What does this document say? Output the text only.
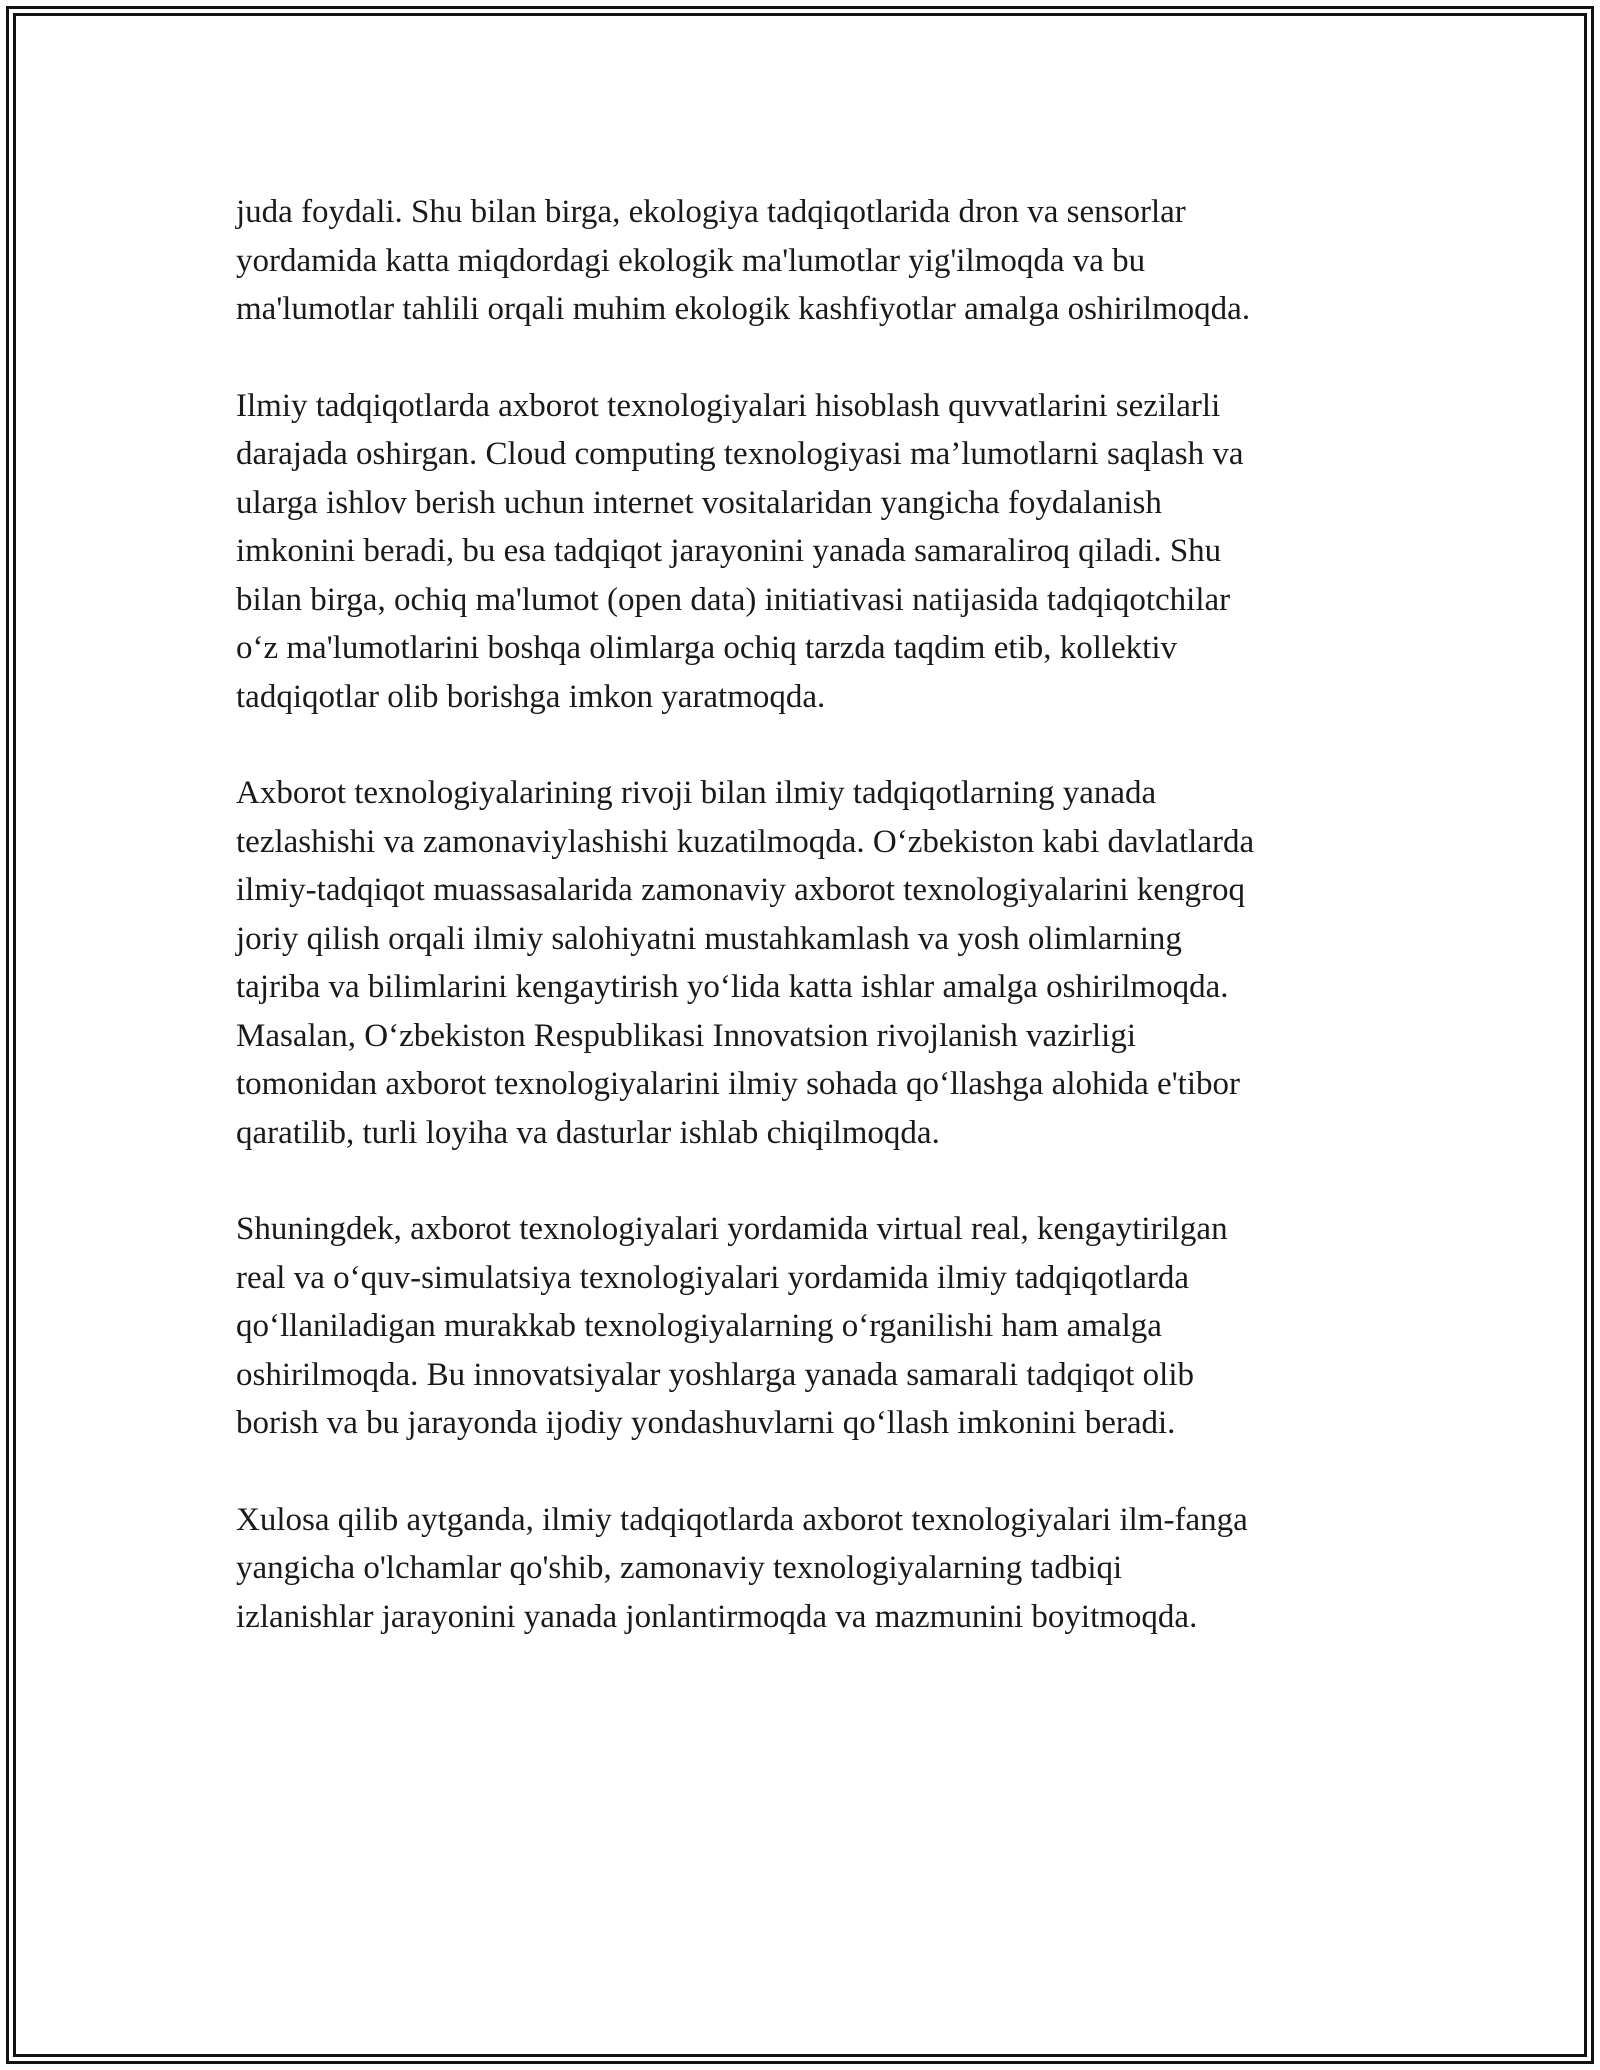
juda foydali. Shu bilan birga, ekologiya tadqiqotlarida dron va sensorlar
yordamida katta miqdordagi ekologik ma'lumotlar yig'ilmoqda va bu
ma'lumotlar tahlili orqali muhim ekologik kashfiyotlar amalga oshirilmoqda.

Ilmiy tadqiqotlarda axborot texnologiyalari hisoblash quvvatlarini sezilarli
darajada oshirgan. Cloud computing texnologiyasi ma’lumotlarni saqlash va
ularga ishlov berish uchun internet vositalaridan yangicha foydalanish
imkonini beradi, bu esa tadqiqot jarayonini yanada samaraliroq qiladi. Shu
bilan birga, ochiq ma'lumot (open data) initiativasi natijasida tadqiqotchilar
o‘z ma'lumotlarini boshqa olimlarga ochiq tarzda taqdim etib, kollektiv
tadqiqotlar olib borishga imkon yaratmoqda.

Axborot texnologiyalarining rivoji bilan ilmiy tadqiqotlarning yanada
tezlashishi va zamonaviylashishi kuzatilmoqda. O‘zbekiston kabi davlatlarda
ilmiy-tadqiqot muassasalarida zamonaviy axborot texnologiyalarini kengroq
joriy qilish orqali ilmiy salohiyatni mustahkamlash va yosh olimlarning
tajriba va bilimlarini kengaytirish yo‘lida katta ishlar amalga oshirilmoqda.
Masalan, O‘zbekiston Respublikasi Innovatsion rivojlanish vazirligi
tomonidan axborot texnologiyalarini ilmiy sohada qo‘llashga alohida e'tibor
qaratilib, turli loyiha va dasturlar ishlab chiqilmoqda.

Shuningdek, axborot texnologiyalari yordamida virtual real, kengaytirilgan
real va o‘quv-simulatsiya texnologiyalari yordamida ilmiy tadqiqotlarda
qo‘llaniladigan murakkab texnologiyalarning o‘rganilishi ham amalga
oshirilmoqda. Bu innovatsiyalar yoshlarga yanada samarali tadqiqot olib
borish va bu jarayonda ijodiy yondashuvlarni qo‘llash imkonini beradi.

Xulosa qilib aytganda, ilmiy tadqiqotlarda axborot texnologiyalari ilm-fanga
yangicha o'lchamlar qo'shib, zamonaviy texnologiyalarning tadbiqi
izlanishlar jarayonini yanada jonlantirmoqda va mazmunini boyitmoqda.
